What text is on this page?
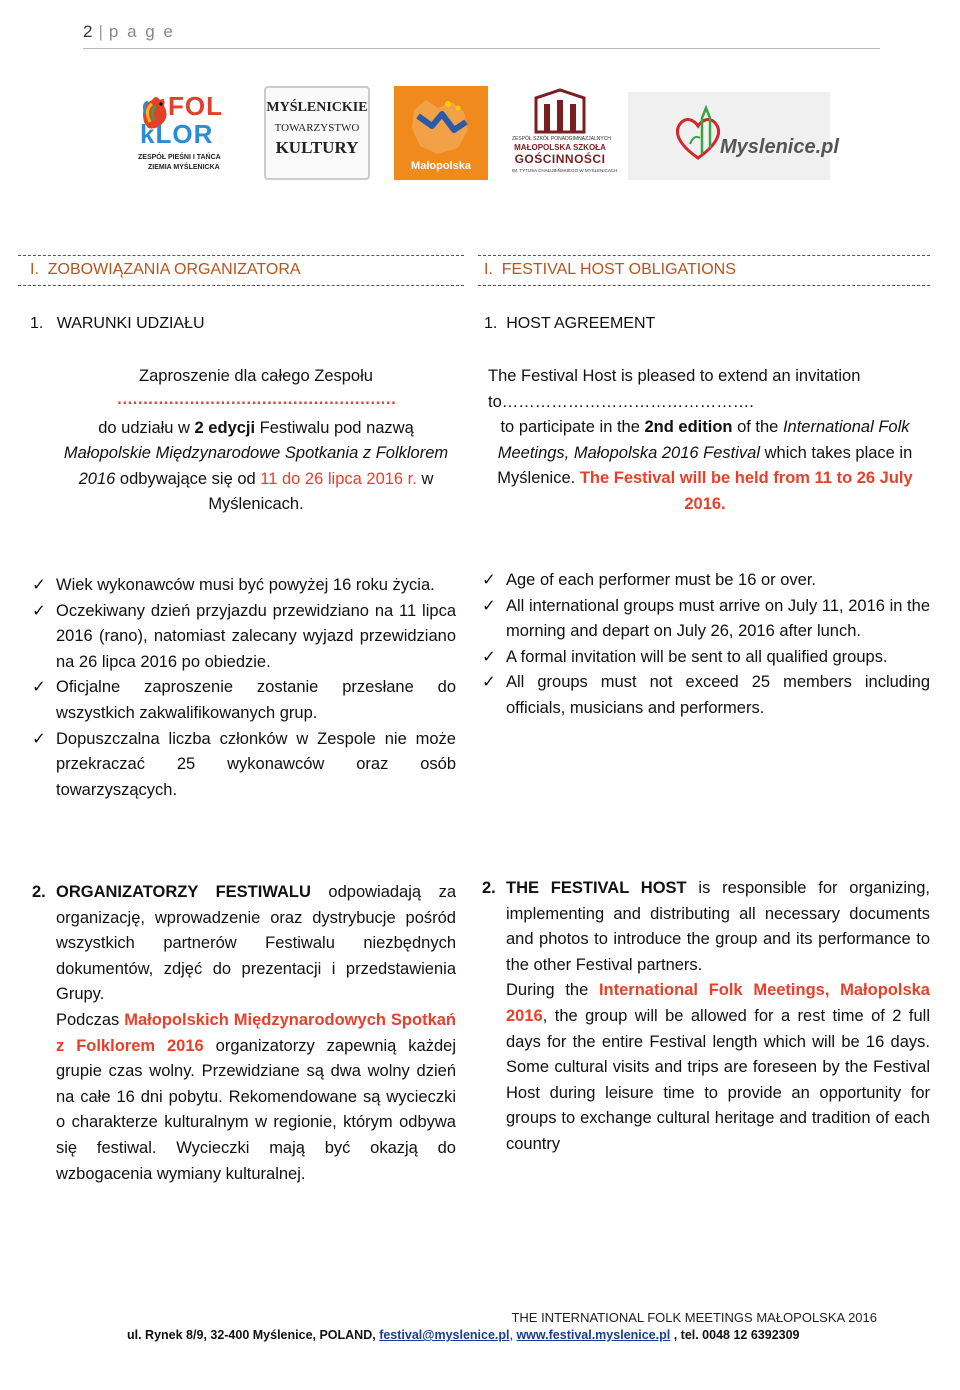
2 | p a g e
FOL
kLOR
ZESPÓŁ PIEŚNI I TAŃCA
ZIEMIA MYŚLENICKA
MYŚLENICKIE
TOWARZYSTWO
KULTURY
Małopolska
ZESPÓŁ SZKÓŁ PONADGIMNAZJALNYCH
MAŁOPOLSKA SZKOŁA
GOŚCINNOŚCI
IM. TYTUSA CHAŁUBIŃSKIEGO W MYŚLENICACH
Myslenice.pl
I. ZOBOWIĄZANIA ORGANIZATORA	I. FESTIVAL HOST OBLIGATIONS
1. WARUNKI UDZIAŁU	1. HOST AGREEMENT

Zaproszenie dla całego Zespołu

………………………………………………

do udziału w 2 edycji Festiwalu pod nazwą Małopolskie Międzynarodowe Spotkania z Folklorem 2016 odbywające się od 11 do 26 lipca 2016 r. w Myślenicach.

The Festival Host is pleased to extend an invitation to……………………………………….

to participate in the 2nd edition of the International Folk Meetings, Małopolska 2016 Festival which takes place in Myślenice. The Festival will be held from 11 to 26 July 2016.

✓ Wiek wykonawców musi być powyżej 16 roku życia.
✓ Oczekiwany dzień przyjazdu przewidziano na 11 lipca 2016 (rano), natomiast zalecany wyjazd przewidziano na 26 lipca 2016 po obiedzie.
✓ Oficjalne zaproszenie zostanie przesłane do wszystkich zakwalifikowanych grup.
✓ Dopuszczalna liczba członków w Zespole nie może przekraczać 25 wykonawców oraz osób towarzyszących.
✓ Age of each performer must be 16 or over.
✓ All international groups must arrive on July 11, 2016 in the morning and depart on July 26, 2016 after lunch.
✓ A formal invitation will be sent to all qualified groups.
✓ All groups must not exceed 25 members including officials, musicians and performers.
2. ORGANIZATORZY FESTIWALU odpowiadają za organizację, wprowadzenie oraz dystrybucje pośród wszystkich partnerów Festiwalu niezbędnych dokumentów, zdjęć do prezentacji i przedstawienia Grupy.

Podczas Małopolskich Międzynarodowych Spotkań z Folklorem 2016 organizatorzy zapewnią każdej grupie czas wolny. Przewidziane są dwa wolny dzień na całe 16 dni pobytu. Rekomendowane są wycieczki o charakterze kulturalnym w regionie, którym odbywa się festiwal. Wycieczki mają być okazją do wzbogacenia wymiany kulturalnej.

2. THE FESTIVAL HOST is responsible for organizing, implementing and distributing all necessary documents and photos to introduce the group and its performance to the other Festival partners.

During the International Folk Meetings, Małopolska 2016, the group will be allowed for a rest time of 2 full days for the entire Festival length which will be 16 days. Some cultural visits and trips are foreseen by the Festival Host during leisure time to provide an opportunity for groups to exchange cultural heritage and tradition of each country

THE INTERNATIONAL FOLK MEETINGS MAŁOPOLSKA 2016
ul. Rynek 8/9, 32-400 Myślenice, POLAND, festival@myslenice.pl, www.festival.myslenice.pl , tel. 0048 12 6392309
